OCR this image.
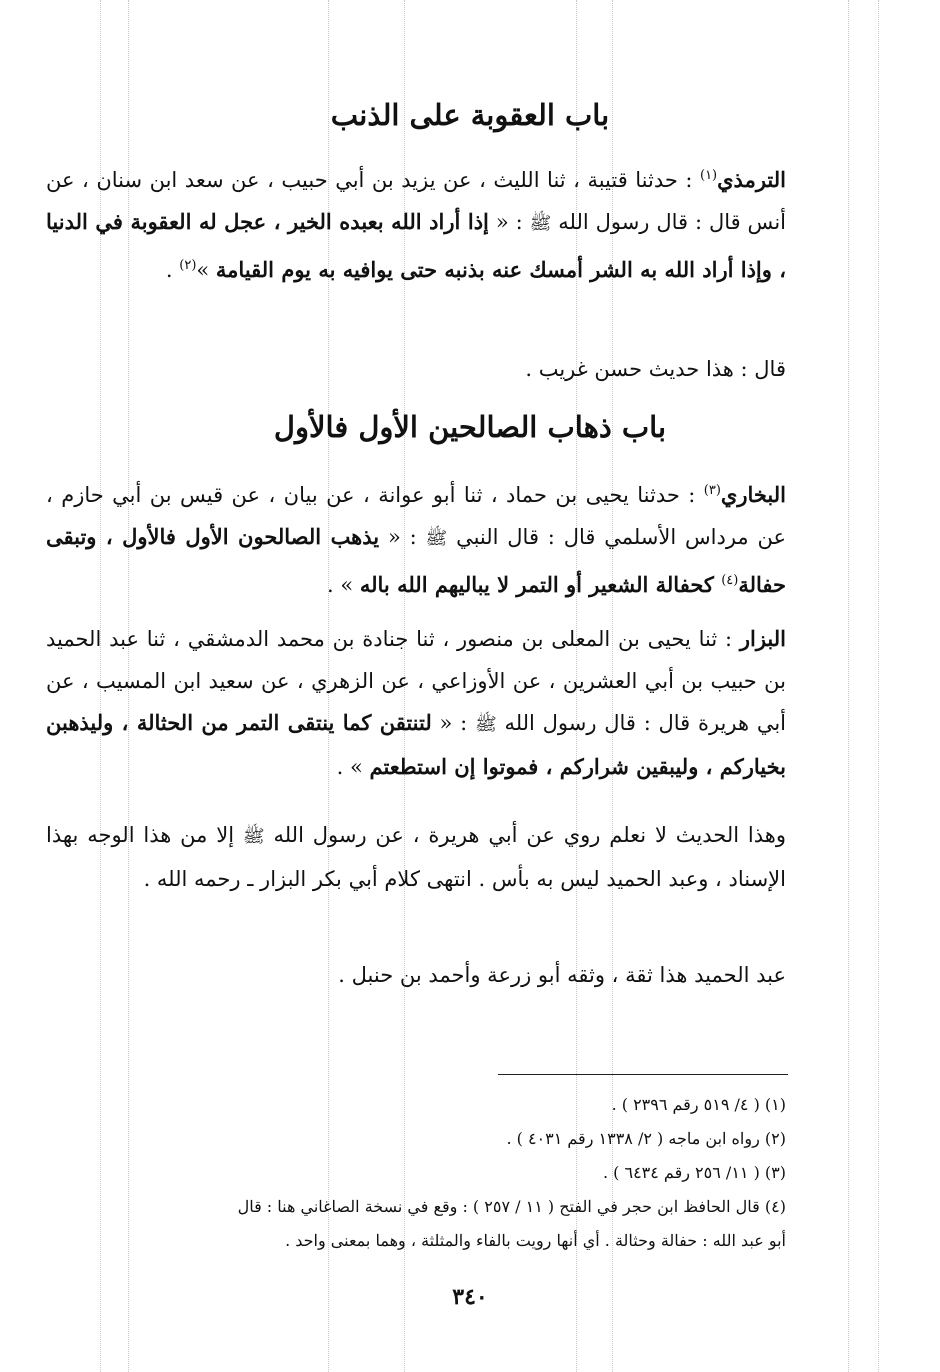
باب العقوبة على الذنب
الترمذي$^{(١)}$ : حدثنا قتيبة ، ثنا الليث ، عن يزيد بن أبي حبيب ، عن سعد ابن سنان ، عن أنس قال : قال رسول الله ﷺ : « إذا أراد الله بعبده الخير ، عجل له العقوبة في الدنيا ، وإذا أراد الله به الشر أمسك عنه بذنبه حتى يوافيه به يوم القيامة »$^{(٢)}$ .
قال : هذا حديث حسن غريب .
باب ذهاب الصالحين الأول فالأول
البخاري$^{(٣)}$ : حدثنا يحيى بن حماد ، ثنا أبو عوانة ، عن بيان ، عن قيس بن أبي حازم ، عن مرداس الأسلمي قال : قال النبي ﷺ : « يذهب الصالحون الأول فالأول ، وتبقى حفالة$^{(٤)}$ كحفالة الشعير أو التمر لا يباليهم الله باله » .
البزار : ثنا يحيى بن المعلى بن منصور ، ثنا جنادة بن محمد الدمشقي ، ثنا عبد الحميد بن حبيب بن أبي العشرين ، عن الأوزاعي ، عن الزهري ، عن سعيد ابن المسيب ، عن أبي هريرة قال : قال رسول الله ﷺ : « لتنتقن كما ينتقى التمر من الحثالة ، وليذهبن بخياركم ، وليبقين شراركم ، فموتوا إن استطعتم » .
وهذا الحديث لا نعلم روي عن أبي هريرة ، عن رسول الله ﷺ إلا من هذا الوجه بهذا الإسناد ، وعبد الحميد ليس به بأس . انتهى كلام أبي بكر البزار ـ رحمه الله .
عبد الحميد هذا ثقة ، وثقه أبو زرعة وأحمد بن حنبل .
(١) ( ٤/ ٥١٩ رقم ٢٣٩٦ ) .
(٢) رواه ابن ماجه ( ٢/ ١٣٣٨ رقم ٤٠٣١ ) .
(٣) ( ١١/ ٢٥٦ رقم ٦٤٣٤ ) .
(٤) قال الحافظ ابن حجر في الفتح ( ١١ / ٢٥٧ ) : وقع في نسخة الصاغاني هنا : قال
أبو عبد الله : حفالة وحثالة . أي أنها رويت بالفاء والمثلثة ، وهما بمعنى واحد .
٣٤٠
